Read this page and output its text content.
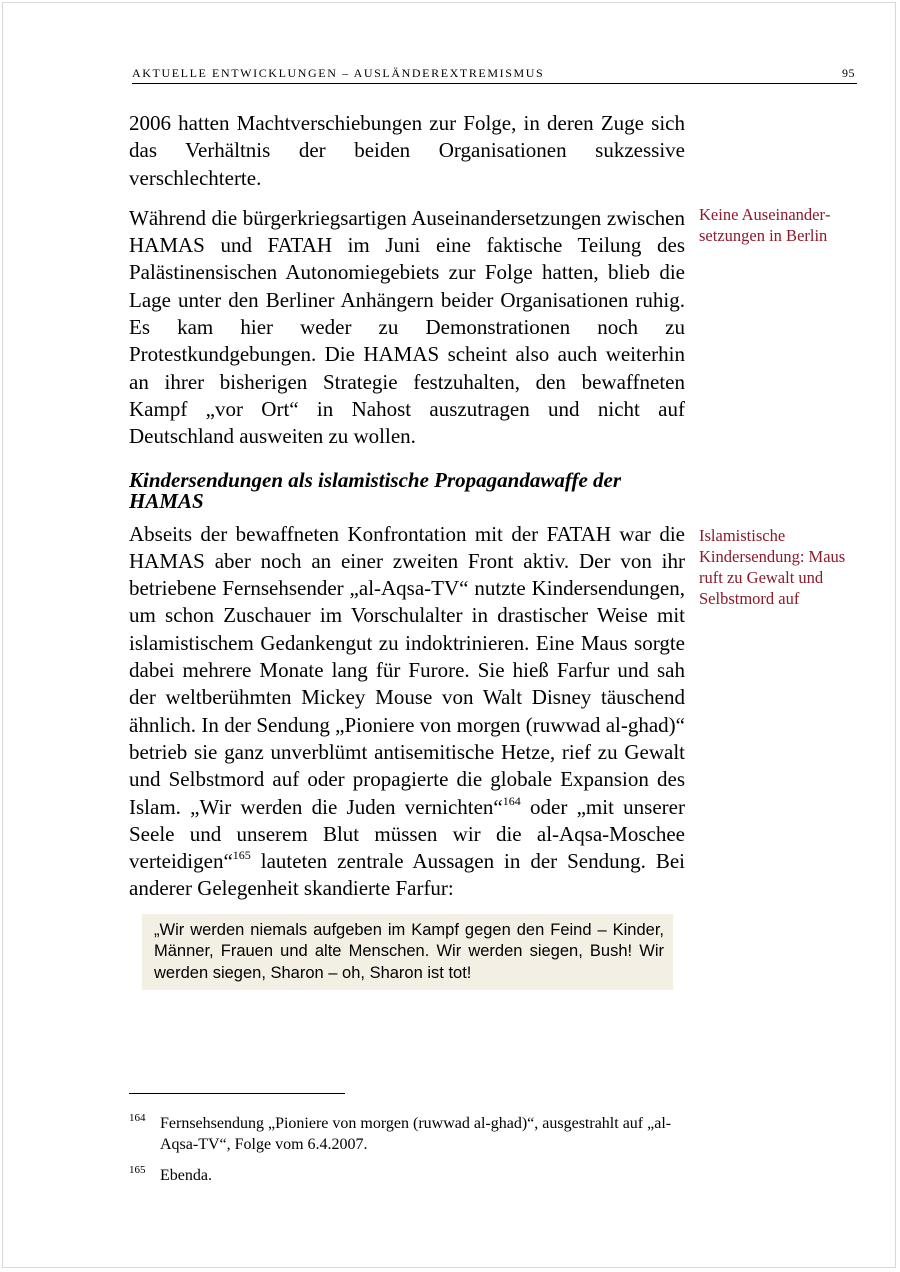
AKTUELLE ENTWICKLUNGEN – AUSLÄNDEREXTREMISMUS	95

2006 hatten Machtverschiebungen zur Folge, in deren Zuge sich das Verhältnis der beiden Organisationen sukzessive verschlechterte.

Während die bürgerkriegsartigen Auseinandersetzungen zwischen HAMAS und FATAH im Juni eine faktische Teilung des Palästinensischen Autonomiegebiets zur Folge hatten, blieb die Lage unter den Berliner Anhängern beider Organisationen ruhig. Es kam hier weder zu Demonstrationen noch zu Protestkundgebungen. Die HAMAS scheint also auch weiterhin an ihrer bisherigen Strategie festzuhalten, den bewaffneten Kampf „vor Ort“ in Nahost auszutragen und nicht auf Deutschland ausweiten zu wollen.

Kindersendungen als islamistische Propagandawaffe der HAMAS

Abseits der bewaffneten Konfrontation mit der FATAH war die HAMAS aber noch an einer zweiten Front aktiv. Der von ihr betriebene Fernsehsender „al-Aqsa-TV“ nutzte Kindersendungen, um schon Zuschauer im Vorschulalter in drastischer Weise mit islamistischem Gedankengut zu indoktrinieren. Eine Maus sorgte dabei mehrere Monate lang für Furore. Sie hieß Farfur und sah der weltberühmten Mickey Mouse von Walt Disney täuschend ähnlich. In der Sendung „Pioniere von morgen (ruwwad al-ghad)“ betrieb sie ganz unverblümt antisemitische Hetze, rief zu Gewalt und Selbstmord auf oder propagierte die globale Expansion des Islam. „Wir werden die Juden vernichten“$^{164}$ oder „mit unserer Seele und unserem Blut müssen wir die al-Aqsa-Moschee verteidigen“$^{165}$ lauteten zentrale Aussagen in der Sendung. Bei anderer Gelegenheit skandierte Farfur:

„Wir werden niemals aufgeben im Kampf gegen den Feind – Kinder, Männer, Frauen und alte Menschen. Wir werden siegen, Bush! Wir werden siegen, Sharon – oh, Sharon ist tot!
Keine Auseinandersetzungen in Berlin
Islamistische Kindersendung: Maus ruft zu Gewalt und Selbstmord auf
164 Fernsehsendung „Pioniere von morgen (ruwwad al-ghad)“, ausgestrahlt auf „al-Aqsa-TV“, Folge vom 6.4.2007.
165 Ebenda.
